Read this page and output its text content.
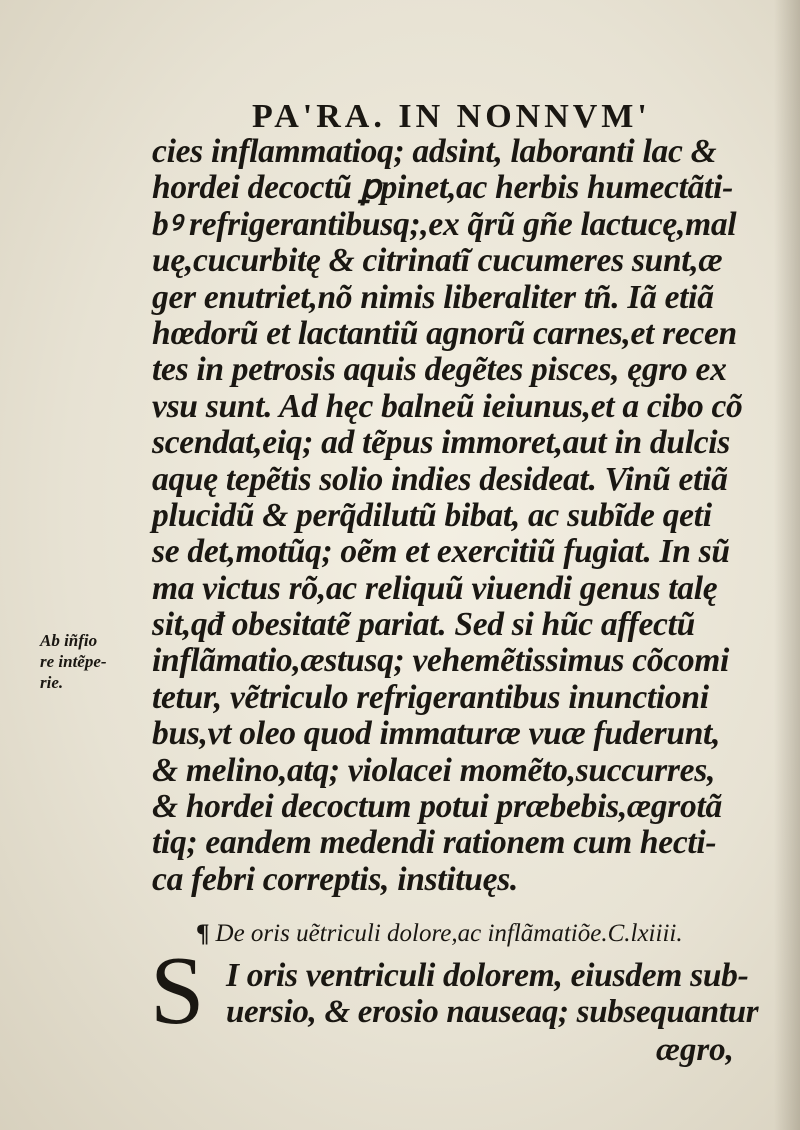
PA'RA. IN NONNVM'
cies inflammatioq; adsint, laboranti lac &
hordei decoctũ ꝑpinet,ac herbis humectãti-
bꝰ refrigerantibusq;,ex q̃rũ gñe lactucę,mal
uę,cucurbitę & citrinatĩ cucumeres sunt,æ
ger enutriet,nõ nimis liberaliter tñ. Iã etiã
hœdorũ et lactantiũ agnorũ carnes,et recen
tes in petrosis aquis degẽtes pisces, ęgro ex
vsu sunt. Ad hęc balneũ ieiunus,et a cibo cõ
scendat,eiq; ad tẽpus immoret,aut in dulcis
aquę tepẽtis solio indies desideat. Vinũ etiã
plucidũ & perq̃dilutũ bibat, ac subĩde qeti
se det,motũq; oẽm et exercitiũ fugiat. In sũ
ma victus rõ,ac reliquũ viuendi genus talę
sit,qđ obesitatẽ pariat. Sed si hũc affectũ
inflãmatio,æstusq; vehemẽtissimus cõcomi
tetur, vẽtriculo refrigerantibus inunctioni
bus,vt oleo quod immaturæ vuæ fuderunt,
& melino,atq; violacei momẽto,succurres,
& hordei decoctum potui præbebis,ægrotã
tiq; eandem medendi rationem cum hecti-
ca febri correptis, instituęs.
Ab iñfio
re intẽpe-
rie.
¶ De oris uẽtriculi dolore,ac inflãmatiõe.C.lxiiii.
S I oris ventriculi dolorem, eiusdem sub-
uersio, & erosio nauseaq; subsequantur
ægro,
